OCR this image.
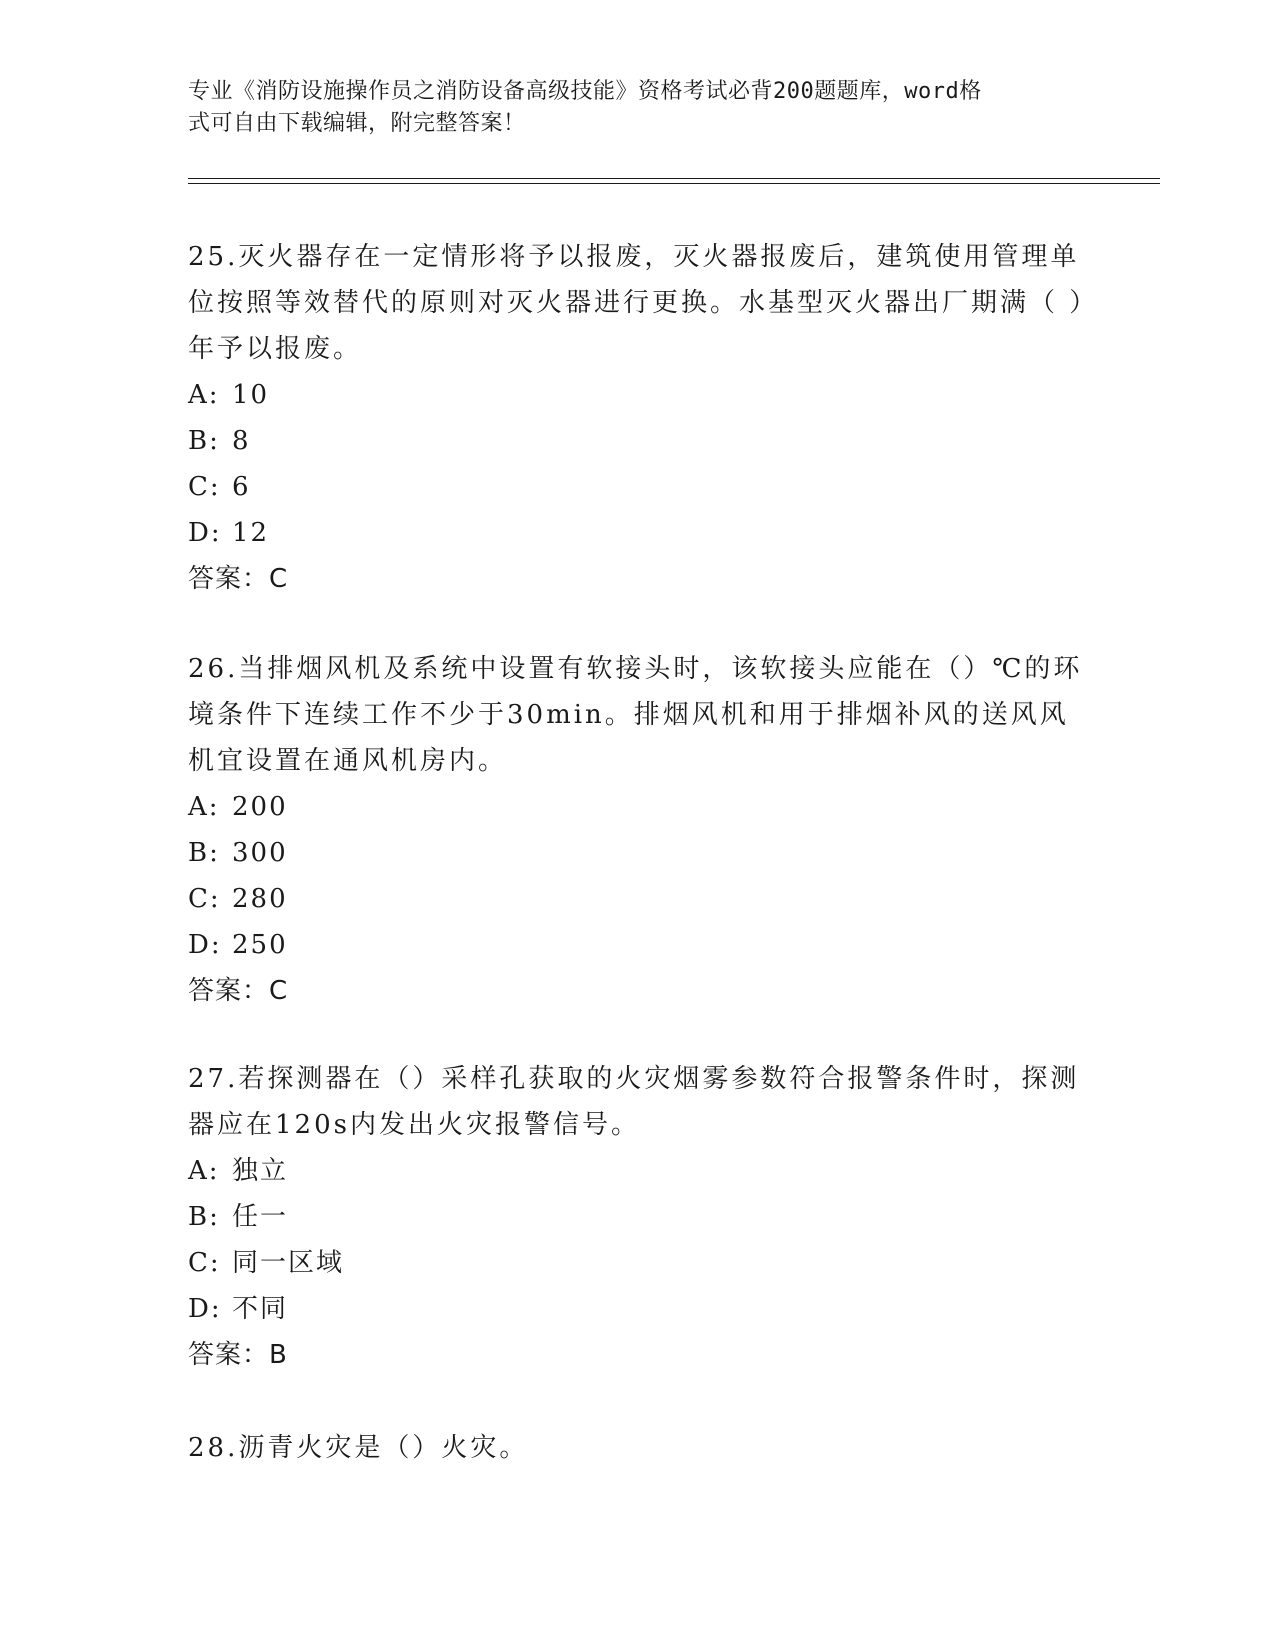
专业《消防设施操作员之消防设备高级技能》资格考试必背200题题库，word格
式可自由下载编辑，附完整答案！
25.灭火器存在一定情形将予以报废，灭火器报废后，建筑使用管理单位按照等效替代的原则对灭火器进行更换。水基型灭火器出厂期满（ ）年予以报废。
A: 10
B: 8
C: 6
D: 12
答案：C
26.当排烟风机及系统中设置有软接头时，该软接头应能在（）℃的环境条件下连续工作不少于30min。排烟风机和用于排烟补风的送风风机宜设置在通风机房内。
A: 200
B: 300
C: 280
D: 250
答案：C
27.若探测器在（）采样孔获取的火灾烟雾参数符合报警条件时，探测器应在120s内发出火灾报警信号。
A: 独立
B: 任一
C: 同一区域
D: 不同
答案：B
28.沥青火灾是（）火灾。
